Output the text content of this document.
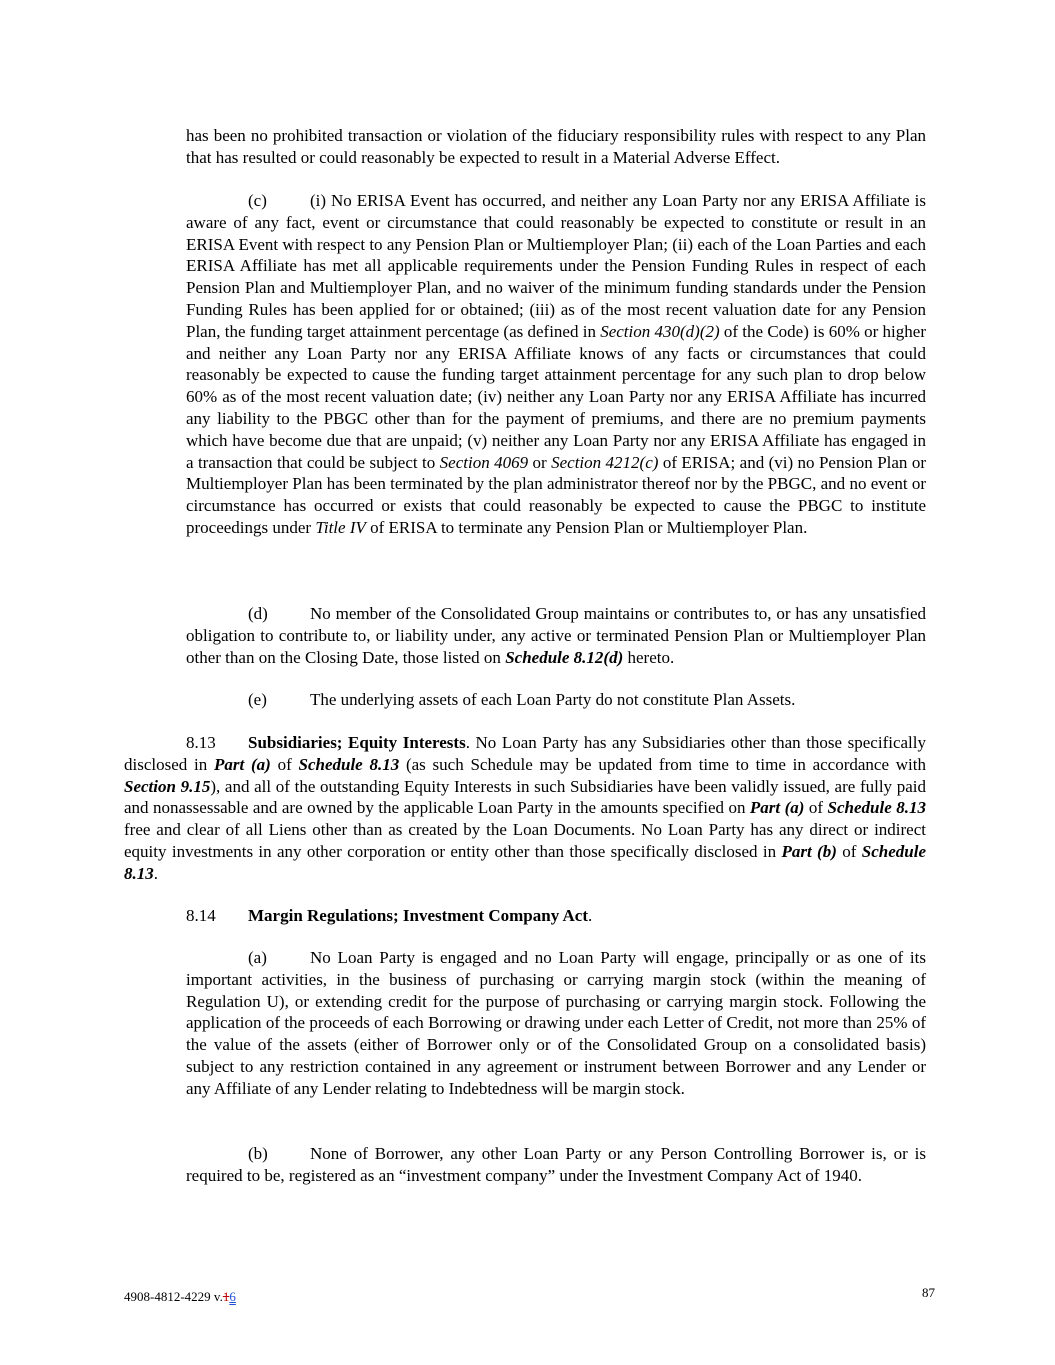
has been no prohibited transaction or violation of the fiduciary responsibility rules with respect to any Plan that has resulted or could reasonably be expected to result in a Material Adverse Effect.

(c)	(i) No ERISA Event has occurred, and neither any Loan Party nor any ERISA Affiliate is aware of any fact, event or circumstance that could reasonably be expected to constitute or result in an ERISA Event with respect to any Pension Plan or Multiemployer Plan; (ii) each of the Loan Parties and each ERISA Affiliate has met all applicable requirements under the Pension Funding Rules in respect of each Pension Plan and Multiemployer Plan, and no waiver of the minimum funding standards under the Pension Funding Rules has been applied for or obtained; (iii) as of the most recent valuation date for any Pension Plan, the funding target attainment percentage (as defined in Section 430(d)(2) of the Code) is 60% or higher and neither any Loan Party nor any ERISA Affiliate knows of any facts or circumstances that could reasonably be expected to cause the funding target attainment percentage for any such plan to drop below 60% as of the most recent valuation date; (iv) neither any Loan Party nor any ERISA Affiliate has incurred any liability to the PBGC other than for the payment of premiums, and there are no premium payments which have become due that are unpaid; (v) neither any Loan Party nor any ERISA Affiliate has engaged in a transaction that could be subject to Section 4069 or Section 4212(c) of ERISA; and (vi) no Pension Plan or Multiemployer Plan has been terminated by the plan administrator thereof nor by the PBGC, and no event or circumstance has occurred or exists that could reasonably be expected to cause the PBGC to institute proceedings under Title IV of ERISA to terminate any Pension Plan or Multiemployer Plan.

(d) No member of the Consolidated Group maintains or contributes to, or has any unsatisfied obligation to contribute to, or liability under, any active or terminated Pension Plan or Multiemployer Plan other than on the Closing Date, those listed on Schedule 8.12(d) hereto.

(e)	The underlying assets of each Loan Party do not constitute Plan Assets.

8.13 Subsidiaries; Equity Interests. No Loan Party has any Subsidiaries other than those specifically disclosed in Part (a) of Schedule 8.13 (as such Schedule may be updated from time to time in accordance with Section 9.15), and all of the outstanding Equity Interests in such Subsidiaries have been validly issued, are fully paid and nonassessable and are owned by the applicable Loan Party in the amounts specified on Part (a) of Schedule 8.13 free and clear of all Liens other than as created by the Loan Documents. No Loan Party has any direct or indirect equity investments in any other corporation or entity other than those specifically disclosed in Part (b) of Schedule 8.13.

8.14 Margin Regulations; Investment Company Act.

(a)	No Loan Party is engaged and no Loan Party will engage, principally or as one of its important activities, in the business of purchasing or carrying margin stock (within the meaning of Regulation U), or extending credit for the purpose of purchasing or carrying margin stock. Following the application of the proceeds of each Borrowing or drawing under each Letter of Credit, not more than 25% of the value of the assets (either of Borrower only or of the Consolidated Group on a consolidated basis) subject to any restriction contained in any agreement or instrument between Borrower and any Lender or any Affiliate of any Lender relating to Indebtedness will be margin stock.

(b) None of Borrower, any other Loan Party or any Person Controlling Borrower is, or is required to be, registered as an “investment company” under the Investment Company Act of 1940.

4908-4812-4229 v.16	87
